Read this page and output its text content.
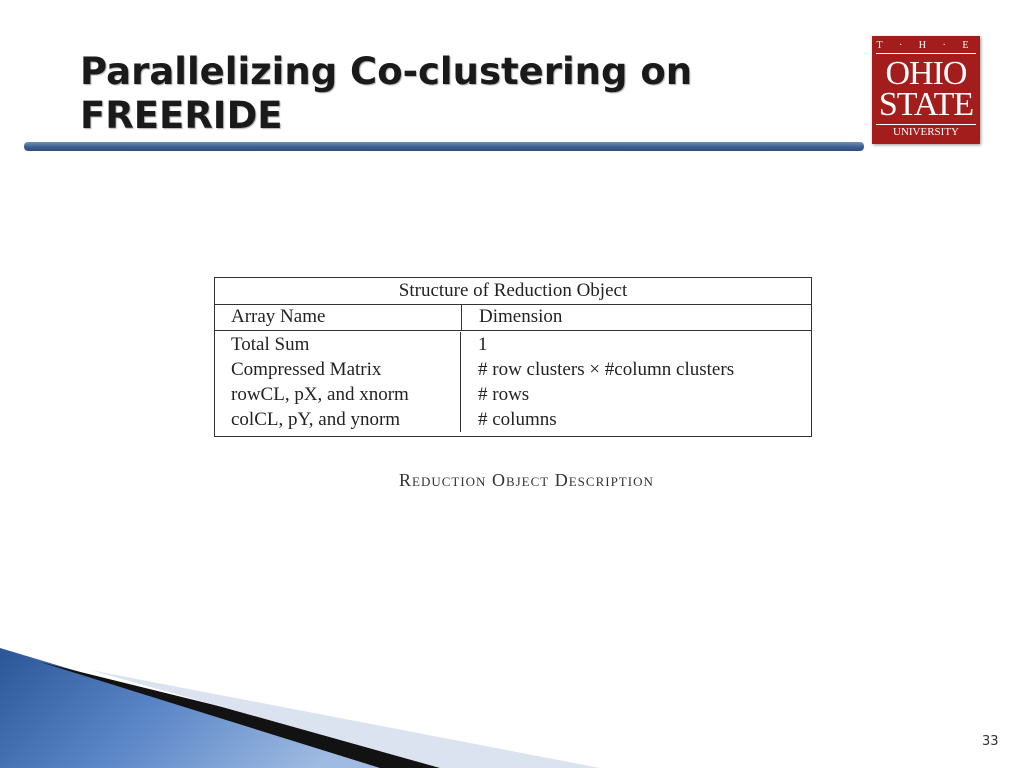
Parallelizing Co-clustering on
FREERIDE
T · H · E
OHIO
STATE
UNIVERSITY
Structure of Reduction Object
Array Name	Dimension
Total Sum	1
Compressed Matrix	# row clusters × #column clusters
rowCL, pX, and xnorm	# rows
colCL, pY, and ynorm	# columns
Reduction Object Description
33
